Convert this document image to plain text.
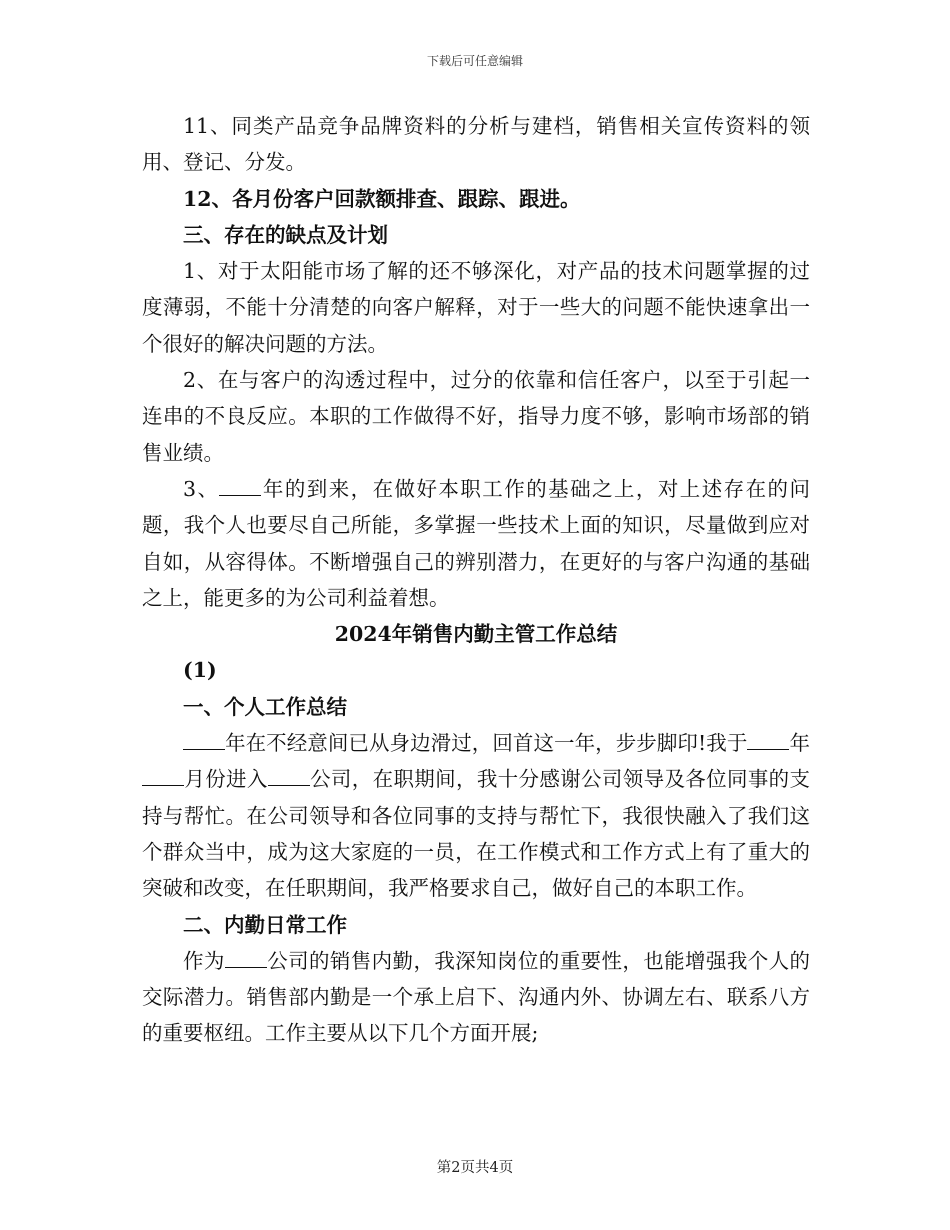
下载后可任意编辑

11、同类产品竞争品牌资料的分析与建档，销售相关宣传资料的领用、登记、分发。

12、各月份客户回款额排查、跟踪、跟进。

三、存在的缺点及计划

1、对于太阳能市场了解的还不够深化，对产品的技术问题掌握的过度薄弱，不能十分清楚的向客户解释，对于一些大的问题不能快速拿出一个很好的解决问题的方法。

2、在与客户的沟透过程中，过分的依靠和信任客户，以至于引起一连串的不良反应。本职的工作做得不好，指导力度不够，影响市场部的销售业绩。

3、 年的到来，在做好本职工作的基础之上，对上述存在的问题，我个人也要尽自己所能，多掌握一些技术上面的知识，尽量做到应对自如，从容得体。不断增强自己的辨别潜力，在更好的与客户沟通的基础之上，能更多的为公司利益着想。

2024年销售内勤主管工作总结

(1)

一、个人工作总结

年在不经意间已从身边滑过，回首这一年，步步脚印!我于 年月份进入 公司，在职期间，我十分感谢公司领导及各位同事的支持与帮忙。在公司领导和各位同事的支持与帮忙下，我很快融入了我们这个群众当中，成为这大家庭的一员，在工作模式和工作方式上有了重大的突破和改变，在任职期间，我严格要求自己，做好自己的本职工作。

二、内勤日常工作

作为 公司的销售内勤，我深知岗位的重要性，也能增强我个人的交际潜力。销售部内勤是一个承上启下、沟通内外、协调左右、联系八方的重要枢纽。工作主要从以下几个方面开展;

第2页共4页
